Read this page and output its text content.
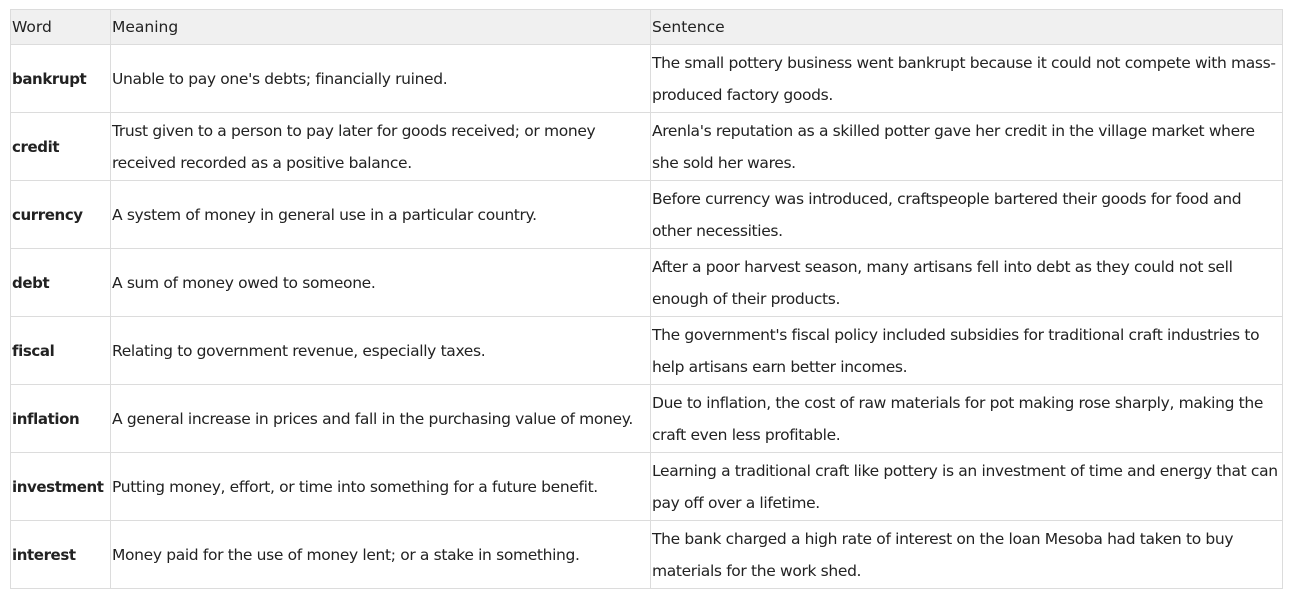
Word	Meaning	Sentence
bankrupt	Unable to pay one's debts; financially ruined.	The small pottery business went bankrupt because it could not compete with mass-produced factory goods.
credit	Trust given to a person to pay later for goods received; or money received recorded as a positive balance.	Arenla's reputation as a skilled potter gave her credit in the village market where she sold her wares.
currency	A system of money in general use in a particular country.	Before currency was introduced, craftspeople bartered their goods for food and other necessities.
debt	A sum of money owed to someone.	After a poor harvest season, many artisans fell into debt as they could not sell enough of their products.
fiscal	Relating to government revenue, especially taxes.	The government's fiscal policy included subsidies for traditional craft industries to help artisans earn better incomes.
inflation	A general increase in prices and fall in the purchasing value of money.	Due to inflation, the cost of raw materials for pot making rose sharply, making the craft even less profitable.
investment	Putting money, effort, or time into something for a future benefit.	Learning a traditional craft like pottery is an investment of time and energy that can pay off over a lifetime.
interest	Money paid for the use of money lent; or a stake in something.	The bank charged a high rate of interest on the loan Mesoba had taken to buy materials for the work shed.
